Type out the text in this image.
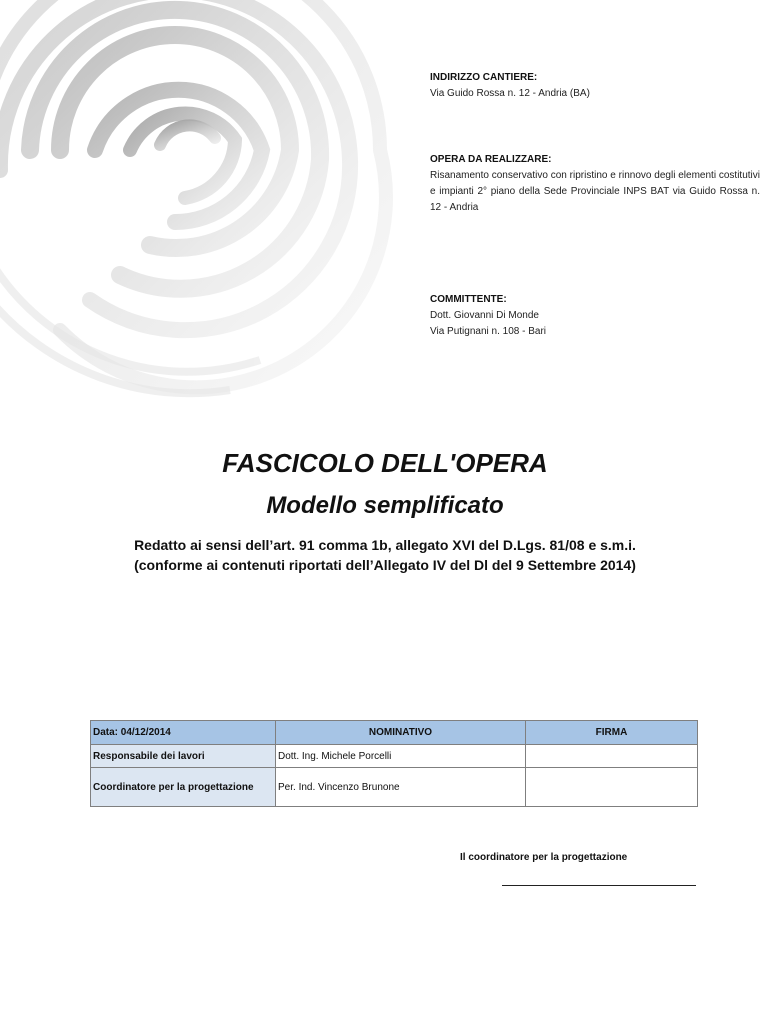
INDIRIZZO CANTIERE:
Via Guido Rossa n. 12 - Andria (BA)
OPERA DA REALIZZARE:
Risanamento conservativo con ripristino e rinnovo degli elementi costitutivi e impianti 2° piano della Sede Provinciale INPS BAT via Guido Rossa n. 12 - Andria
COMMITTENTE:
Dott. Giovanni Di Monde
Via Putignani n. 108 - Bari
FASCICOLO DELL'OPERA
Modello semplificato
Redatto ai sensi dell’art. 91 comma 1b, allegato XVI del D.Lgs. 81/08 e s.m.i.
(conforme ai contenuti riportati dell’Allegato IV del Dl del 9 Settembre 2014)
Data: 04/12/2014	NOMINATIVO	FIRMA
Responsabile dei lavori	Dott. Ing. Michele Porcelli	
Coordinatore per la progettazione	Per. Ind. Vincenzo Brunone	
Il coordinatore per la progettazione
